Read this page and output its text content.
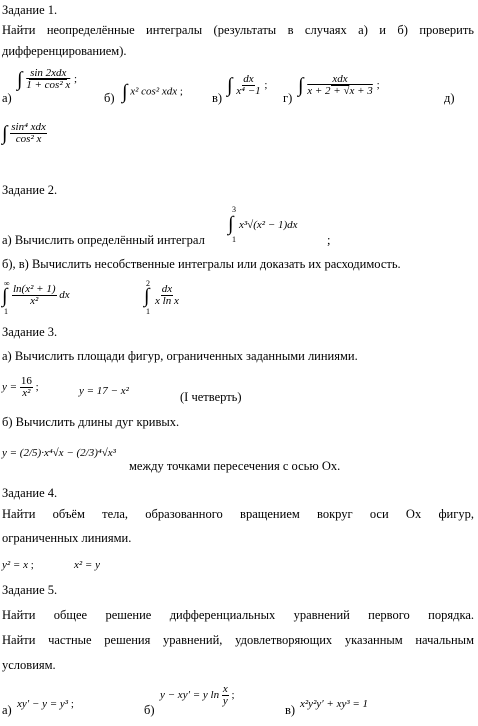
Задание 1.
Найти неопределённые интегралы (результаты в случаях а) и б) проверить
дифференцированием).
а)
∫ $\frac{\text{sin 2xdx}}{\text{1 + cos² x}}$ ;
б) ∫ x² cos² xdx ; в)
∫ $\frac{dx}{\text{x⁴ −1}}$ ;
г)
∫ $\frac{\text{xdx}}{x + 2 + √x + 3}$ ;
д)
∫ $\frac{\text{sin⁴ xdx}}{\text{cos² x}}$
Задание 2.
а) Вычислить определённый интеграл
3
∫
1
x³√(x² − 1)dx
;
б), в) Вычислить несобственные интегралы или доказать их расходимость.
∞
∫
1
$\frac{\text{ln(x² + 1)}}{\text{x²}}$ dx
2
∫
1
$\frac{dx}{\text{x ln x}}$
Задание 3.
а) Вычислить площади фигур, ограниченных заданными линиями.
$y = \frac{16}{\text{x²}}$ ;	y = 17 − x²	(I четверть)
б) Вычислить длины дуг кривых.
y = (2/5)·x⁴√x − (2/3)⁴√x³
между точками пересечения с осью Ox.
Задание 4.
Найти объём тела, образованного вращением вокруг оси Ox фигур,
ограниченных линиями.
y² = x ;	x² = y
Задание 5.
Найти общее решение дифференциальных уравнений первого порядка.
Найти частные решения уравнений, удовлетворяющих указанным начальным
условиям.
а) xy′ − y = y³ ;	б)
y − xy′ = y $\ln \frac{x}{y}$ ;
в) x²y²y′ + xy³ = 1
